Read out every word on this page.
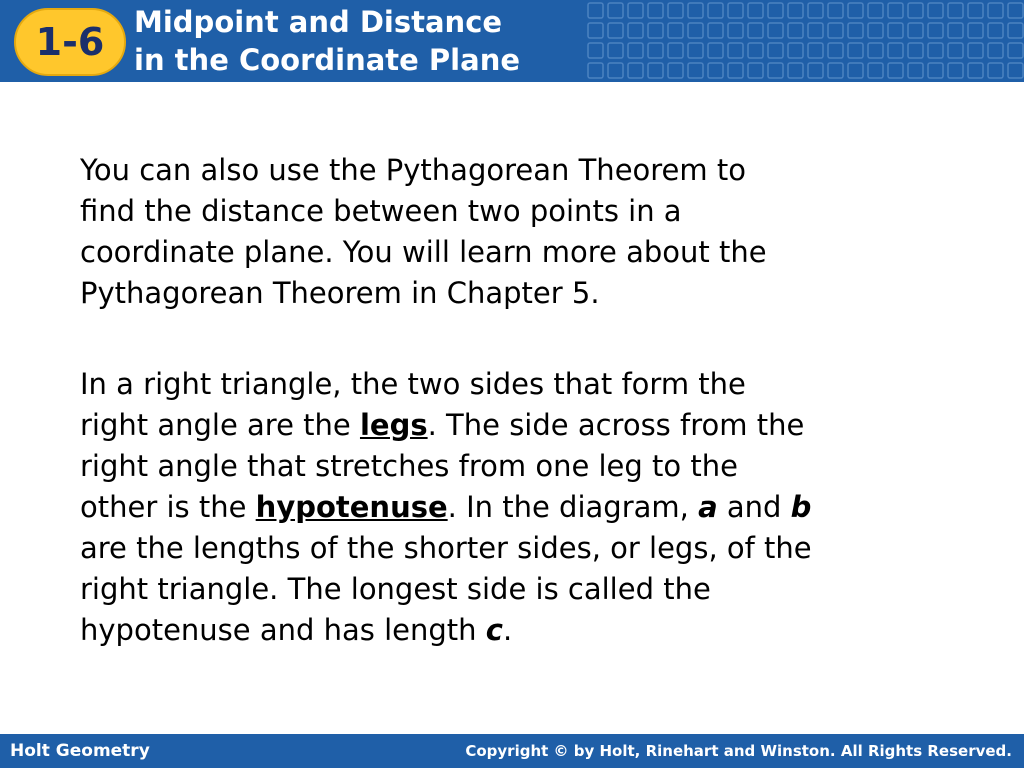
1-6	Midpoint and Distance
in the Coordinate Plane
You can also use the Pythagorean Theorem to
find the distance between two points in a
coordinate plane. You will learn more about the
Pythagorean Theorem in Chapter 5.
In a right triangle, the two sides that form the
right angle are the legs. The side across from the
right angle that stretches from one leg to the
other is the hypotenuse. In the diagram, a and b
are the lengths of the shorter sides, or legs, of the
right triangle. The longest side is called the
hypotenuse and has length c.
Holt Geometry	Copyright © by Holt, Rinehart and Winston. All Rights Reserved.
